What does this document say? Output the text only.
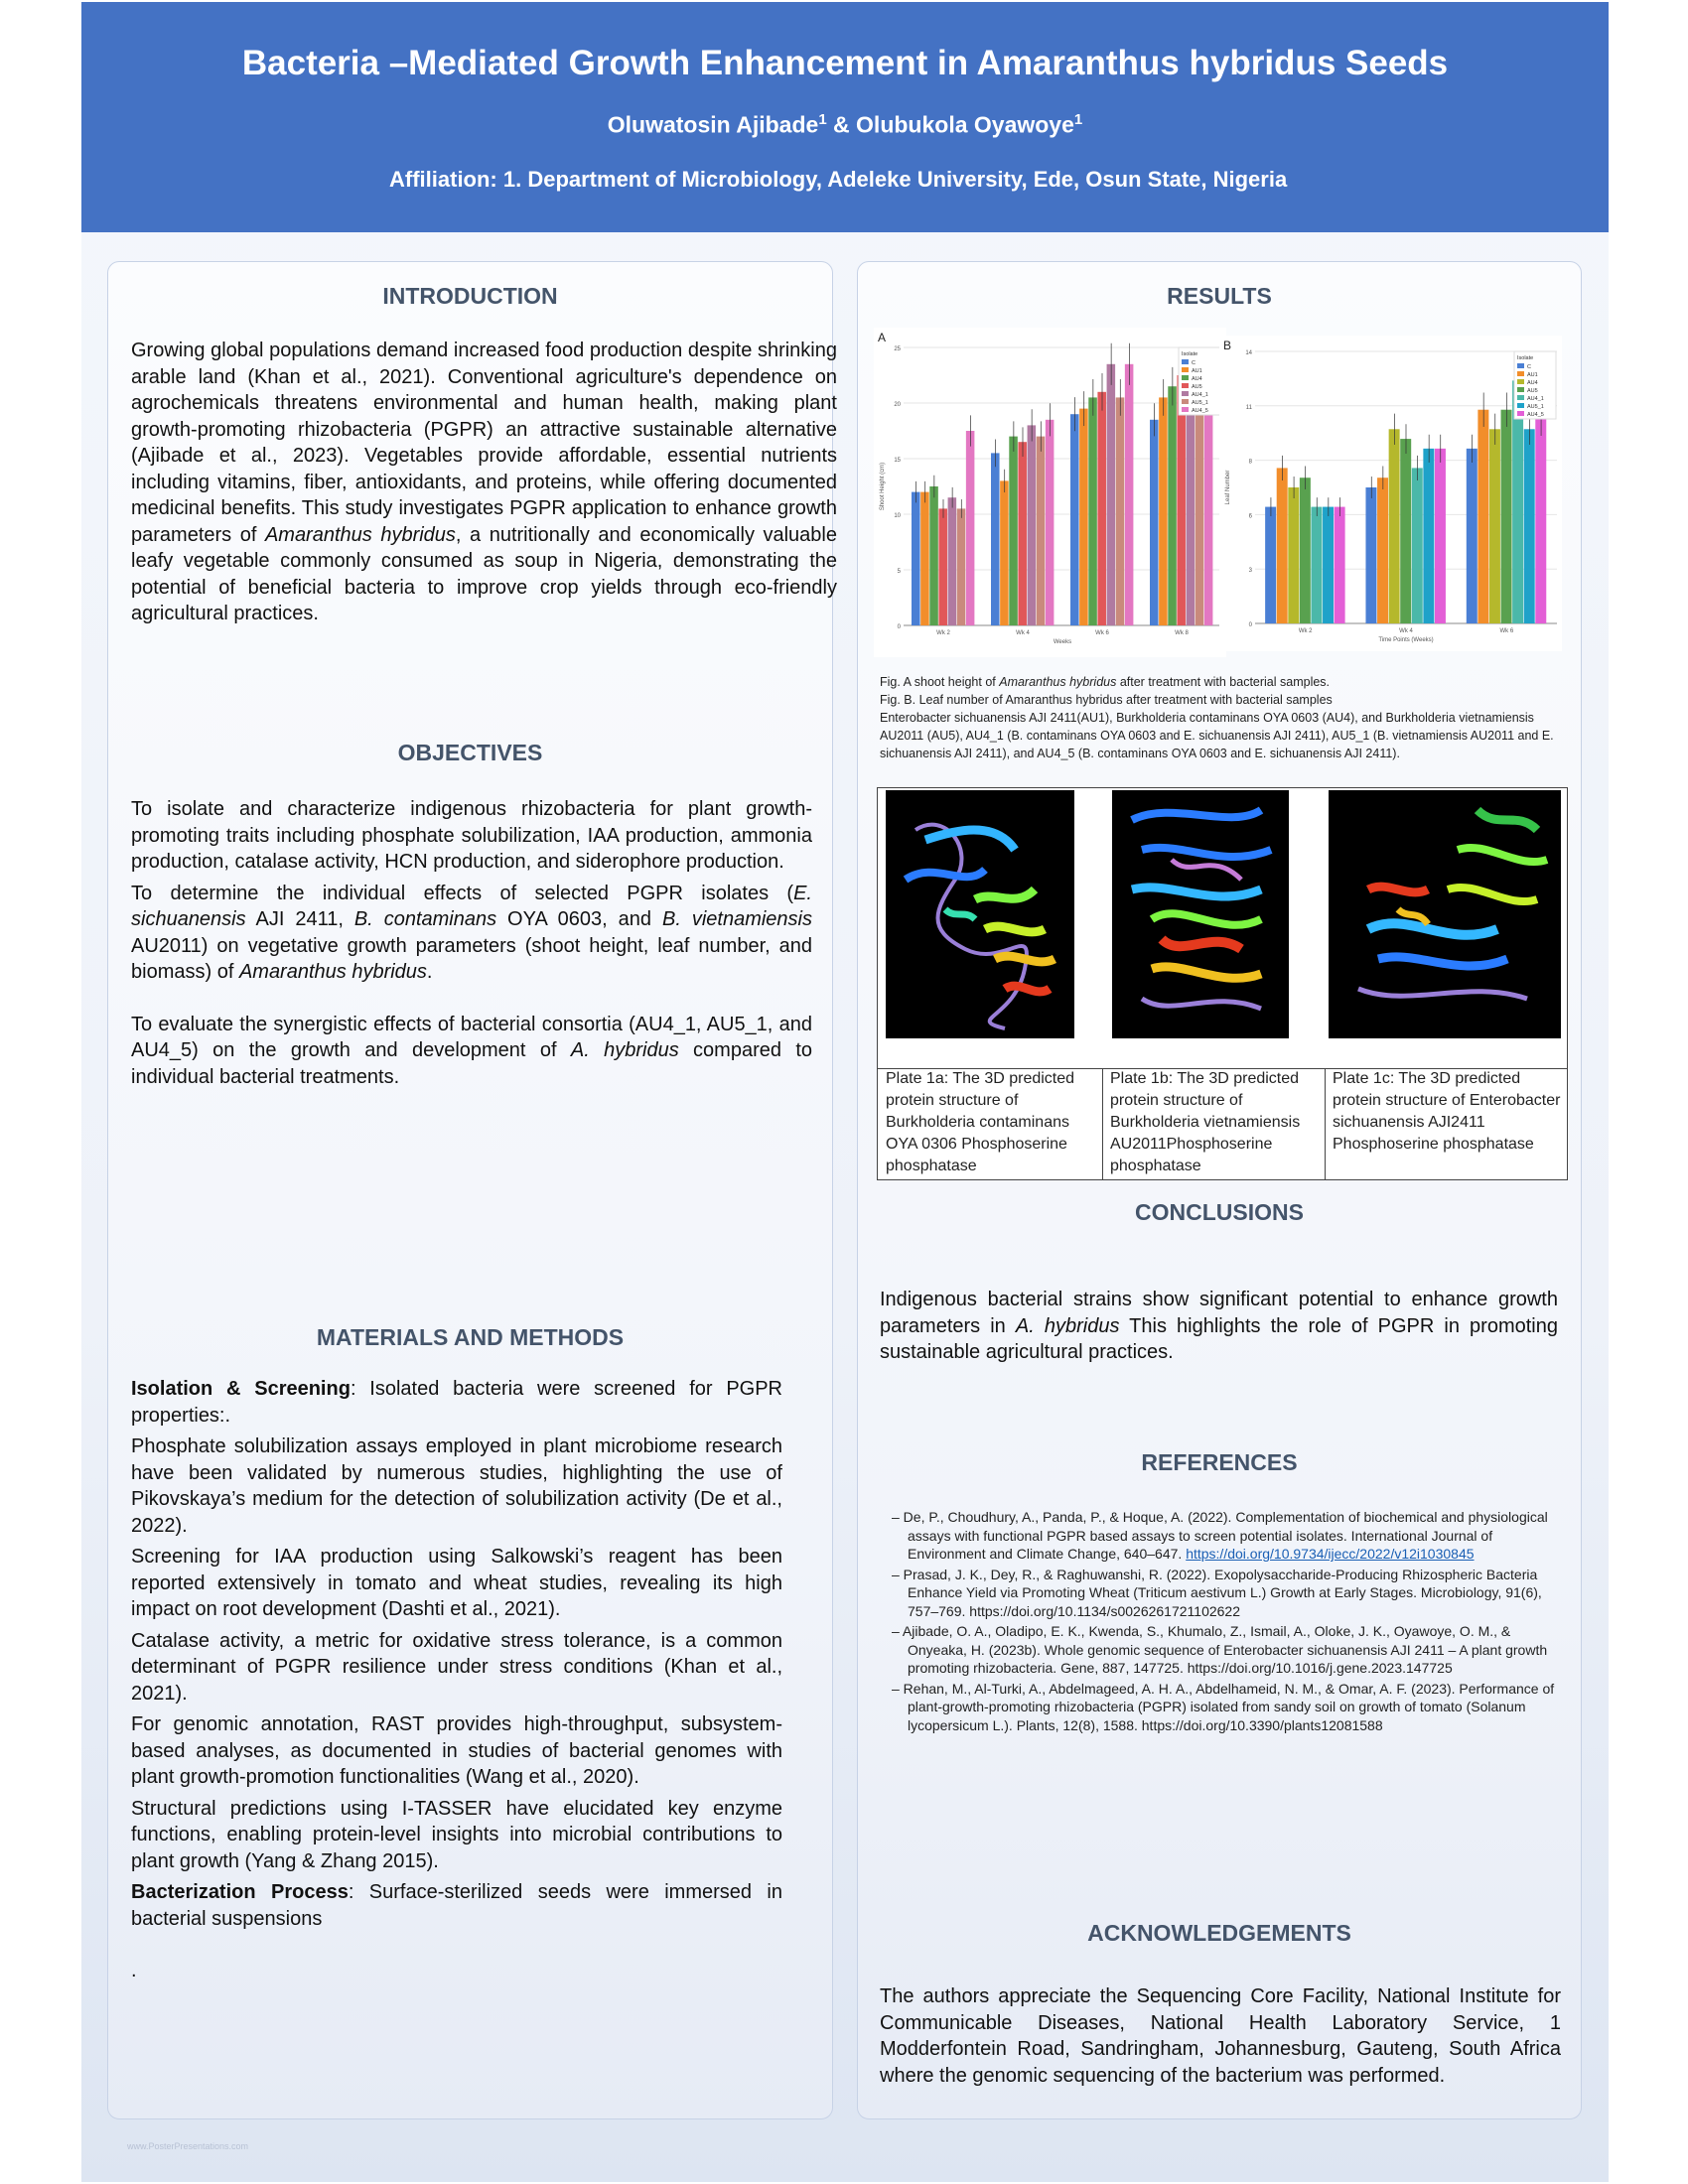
Bacteria –Mediated Growth Enhancement in Amaranthus hybridus Seeds
Oluwatosin Ajibade$^1$ & Olubukola Oyawoye$^1$
Affiliation: 1. Department of Microbiology, Adeleke University, Ede, Osun State, Nigeria
INTRODUCTION
Growing global populations demand increased food production despite shrinking arable land (Khan et al., 2021). Conventional agriculture's dependence on agrochemicals threatens environmental and human health, making plant growth-promoting rhizobacteria (PGPR) an attractive sustainable alternative (Ajibade et al., 2023). Vegetables provide affordable, essential nutrients including vitamins, fiber, antioxidants, and proteins, while offering documented medicinal benefits. This study investigates PGPR application to enhance growth parameters of Amaranthus hybridus, a nutritionally and economically valuable leafy vegetable commonly consumed as soup in Nigeria, demonstrating the potential of beneficial bacteria to improve crop yields through eco-friendly agricultural practices.
OBJECTIVES

To isolate and characterize indigenous rhizobacteria for plant growth-promoting traits including phosphate solubilization, IAA production, ammonia production, catalase activity, HCN production, and siderophore production.

To determine the individual effects of selected PGPR isolates (E. sichuanensis AJI 2411, B. contaminans OYA 0603, and B. vietnamiensis AU2011) on vegetative growth parameters (shoot height, leaf number, and biomass) of Amaranthus hybridus.

To evaluate the synergistic effects of bacterial consortia (AU4_1, AU5_1, and AU4_5) on the growth and development of A. hybridus compared to individual bacterial treatments.

MATERIALS AND METHODS

Isolation & Screening: Isolated bacteria were screened for PGPR properties:.

Phosphate solubilization assays employed in plant microbiome research have been validated by numerous studies, highlighting the use of Pikovskaya’s medium for the detection of solubilization activity (De et al., 2022).

Screening for IAA production using Salkowski’s reagent has been reported extensively in tomato and wheat studies, revealing its high impact on root development (Dashti et al., 2021).

Catalase activity, a metric for oxidative stress tolerance, is a common determinant of PGPR resilience under stress conditions (Khan et al., 2021).

For genomic annotation, RAST provides high-throughput, subsystem-based analyses, as documented in studies of bacterial genomes with plant growth-promotion functionalities (Wang et al., 2020).

Structural predictions using I-TASSER have elucidated key enzyme functions, enabling protein-level insights into microbial contributions to plant growth (Yang & Zhang 2015).

Bacterization Process: Surface-sterilized seeds were immersed in bacterial suspensions

.

RESULTS
A
0
5
10
15
20
25
Shoot Height (cm)
Weeks
Wk 2	Wk 4	Wk 6	Wk 8
Isolate
C
AU1
AU4
AU5
AU4_1
AU5_1
AU4_5
B
0
3
6
8
11
14
Leaf Number
Time Points (Weeks)
Wk 2	Wk 4	Wk 6
Isolate
C
AU1
AU4
AU5
AU4_1
AU5_1
AU4_5
Fig. A shoot height of Amaranthus hybridus after treatment with bacterial samples.
Fig. B. Leaf number of Amaranthus hybridus after treatment with bacterial samples
Enterobacter sichuanensis AJI 2411(AU1), Burkholderia contaminans OYA 0603 (AU4), and Burkholderia vietnamiensis AU2011 (AU5), AU4_1 (B. contaminans OYA 0603 and E. sichuanensis AJI 2411), AU5_1 (B. vietnamiensis AU2011 and E. sichuanensis AJI 2411), and AU4_5 (B. contaminans OYA 0603 and E. sichuanensis AJI 2411).
Plate 1a: The 3D predicted protein structure of Burkholderia contaminans OYA 0306 Phosphoserine phosphatase
Plate 1b: The 3D predicted protein structure of Burkholderia vietnamiensis AU2011Phosphoserine phosphatase
Plate 1c: The 3D predicted protein structure of Enterobacter sichuanensis AJI2411 Phosphoserine phosphatase
CONCLUSIONS
Indigenous bacterial strains show significant potential to enhance growth parameters in A. hybridus This highlights the role of PGPR in promoting sustainable agricultural practices.
REFERENCES
– De, P., Choudhury, A., Panda, P., & Hoque, A. (2022). Complementation of biochemical and physiological assays with functional PGPR based assays to screen potential isolates. International Journal of Environment and Climate Change, 640–647. https://doi.org/10.9734/ijecc/2022/v12i1030845
– Prasad, J. K., Dey, R., & Raghuwanshi, R. (2022). Exopolysaccharide-Producing Rhizospheric Bacteria Enhance Yield via Promoting Wheat (Triticum aestivum L.) Growth at Early Stages. Microbiology, 91(6), 757–769. https://doi.org/10.1134/s0026261721102622
– Ajibade, O. A., Oladipo, E. K., Kwenda, S., Khumalo, Z., Ismail, A., Oloke, J. K., Oyawoye, O. M., & Onyeaka, H. (2023b). Whole genomic sequence of Enterobacter sichuanensis AJI 2411 – A plant growth promoting rhizobacteria. Gene, 887, 147725. https://doi.org/10.1016/j.gene.2023.147725
– Rehan, M., Al-Turki, A., Abdelmageed, A. H. A., Abdelhameid, N. M., & Omar, A. F. (2023). Performance of plant-growth-promoting rhizobacteria (PGPR) isolated from sandy soil on growth of tomato (Solanum lycopersicum L.). Plants, 12(8), 1588. https://doi.org/10.3390/plants12081588
ACKNOWLEDGEMENTS
The authors appreciate the Sequencing Core Facility, National Institute for Communicable Diseases, National Health Laboratory Service, 1 Modderfontein Road, Sandringham, Johannesburg, Gauteng, South Africa where the genomic sequencing of the bacterium was performed.
www.PosterPresentations.com
